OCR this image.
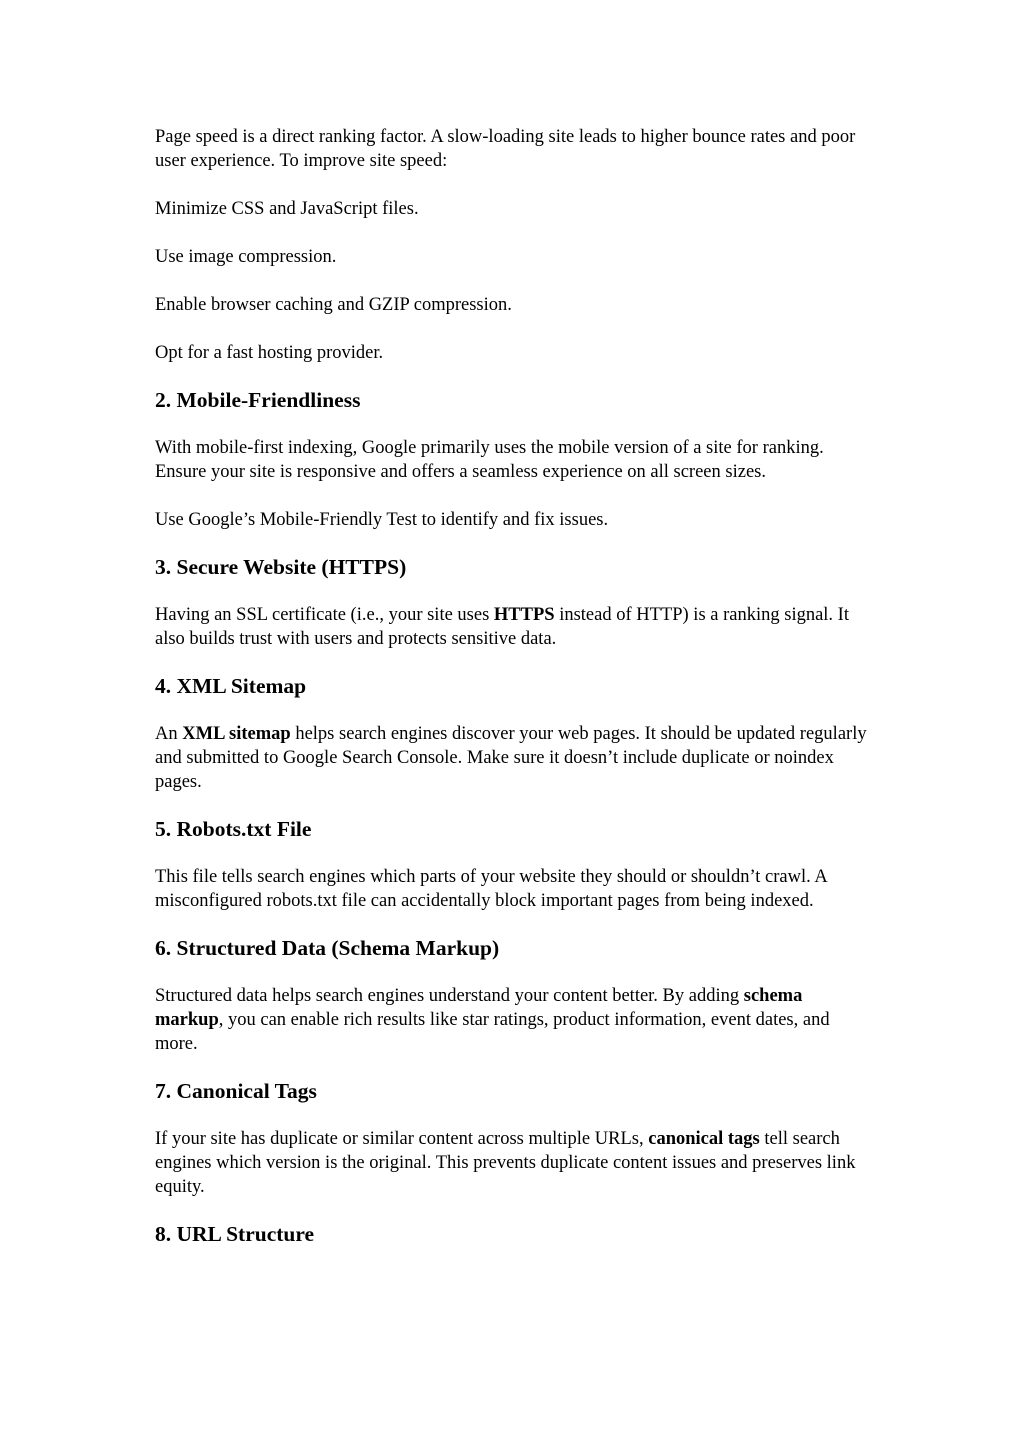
Page speed is a direct ranking factor. A slow-loading site leads to higher bounce rates and poor user experience. To improve site speed:

Minimize CSS and JavaScript files.

Use image compression.

Enable browser caching and GZIP compression.

Opt for a fast hosting provider.

2. Mobile-Friendliness

With mobile-first indexing, Google primarily uses the mobile version of a site for ranking. Ensure your site is responsive and offers a seamless experience on all screen sizes.

Use Google’s Mobile-Friendly Test to identify and fix issues.

3. Secure Website (HTTPS)

Having an SSL certificate (i.e., your site uses HTTPS instead of HTTP) is a ranking signal. It also builds trust with users and protects sensitive data.

4. XML Sitemap

An XML sitemap helps search engines discover your web pages. It should be updated regularly and submitted to Google Search Console. Make sure it doesn’t include duplicate or noindex pages.

5. Robots.txt File

This file tells search engines which parts of your website they should or shouldn’t crawl. A misconfigured robots.txt file can accidentally block important pages from being indexed.

6. Structured Data (Schema Markup)

Structured data helps search engines understand your content better. By adding schema markup, you can enable rich results like star ratings, product information, event dates, and more.

7. Canonical Tags

If your site has duplicate or similar content across multiple URLs, canonical tags tell search engines which version is the original. This prevents duplicate content issues and preserves link equity.

8. URL Structure
